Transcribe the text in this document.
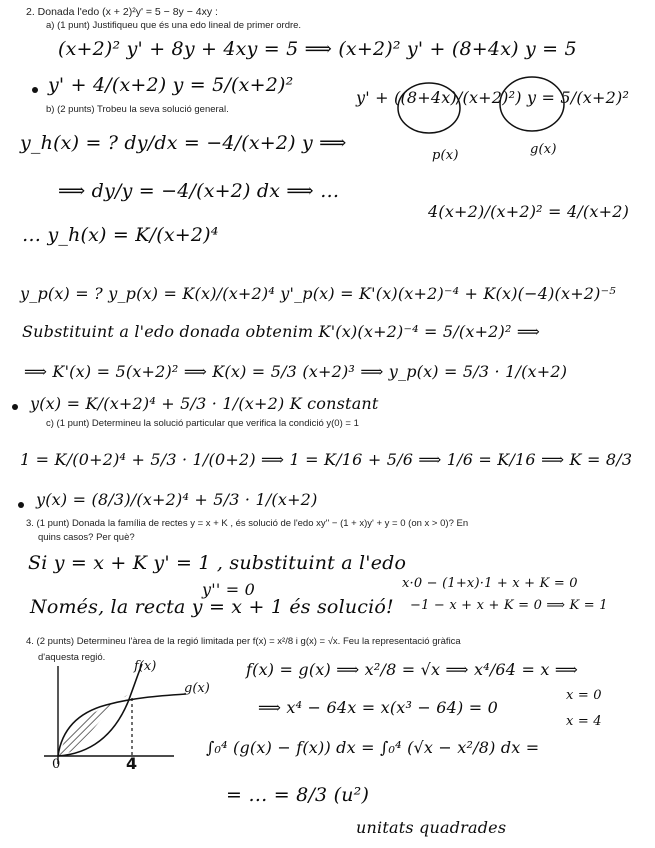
2. Donada l'edo (x + 2)²y' = 5 − 8y − 4xy :
a) (1 punt) Justifiqueu que és una edo lineal de primer ordre.
(x+2)² y' + 8y + 4xy = 5 ⟹ (x+2)² y' + (8+4x) y = 5
y' + 4/(x+2) y = 5/(x+2)²
y' + ((8+4x)/(x+2)²) y = 5/(x+2)²
p(x)	g(x)
b) (2 punts) Trobeu la seva solució general.
y_h(x) = ? dy/dx = −4/(x+2) y ⟹
⟹ dy/y = −4/(x+2) dx ⟹ …
4(x+2)/(x+2)² = 4/(x+2)
… y_h(x) = K/(x+2)⁴
y_p(x) = ? y_p(x) = K(x)/(x+2)⁴ y'_p(x) = K'(x)(x+2)⁻⁴ + K(x)(−4)(x+2)⁻⁵
Substituint a l'edo donada obtenim K'(x)(x+2)⁻⁴ = 5/(x+2)² ⟹
⟹ K'(x) = 5(x+2)² ⟹ K(x) = 5/3 (x+2)³ ⟹ y_p(x) = 5/3 · 1/(x+2)
y(x) = K/(x+2)⁴ + 5/3 · 1/(x+2) K constant
c) (1 punt) Determineu la solució particular que verifica la condició y(0) = 1
1 = K/(0+2)⁴ + 5/3 · 1/(0+2) ⟹ 1 = K/16 + 5/6 ⟹ 1/6 = K/16 ⟹ K = 8/3
y(x) = (8/3)/(x+2)⁴ + 5/3 · 1/(x+2)
3. (1 punt) Donada la família de rectes y = x + K , és solució de l'edo xy'' − (1 + x)y' + y = 0 (on x > 0)? En
quins casos? Per què?
Si y = x + K y' = 1 , substituint a l'edo
y'' = 0	x·0 − (1+x)·1 + x + K = 0
Només, la recta y = x + 1 és solució! −1 − x + x + K = 0 ⟹ K = 1
4. (2 punts) Determineu l'àrea de la regió limitada per f(x) = x²/8 i g(x) = √x. Feu la representació gràfica
d'aquesta regió.
g(x)
f(x)
0	4
f(x) = g(x) ⟹ x²/8 = √x ⟹ x⁴/64 = x ⟹
⟹ x⁴ − 64x = x(x³ − 64) = 0
x = 0
x = 4
∫₀⁴ (g(x) − f(x)) dx = ∫₀⁴ (√x − x²/8) dx =
= … = 8/3 (u²)
unitats quadrades
